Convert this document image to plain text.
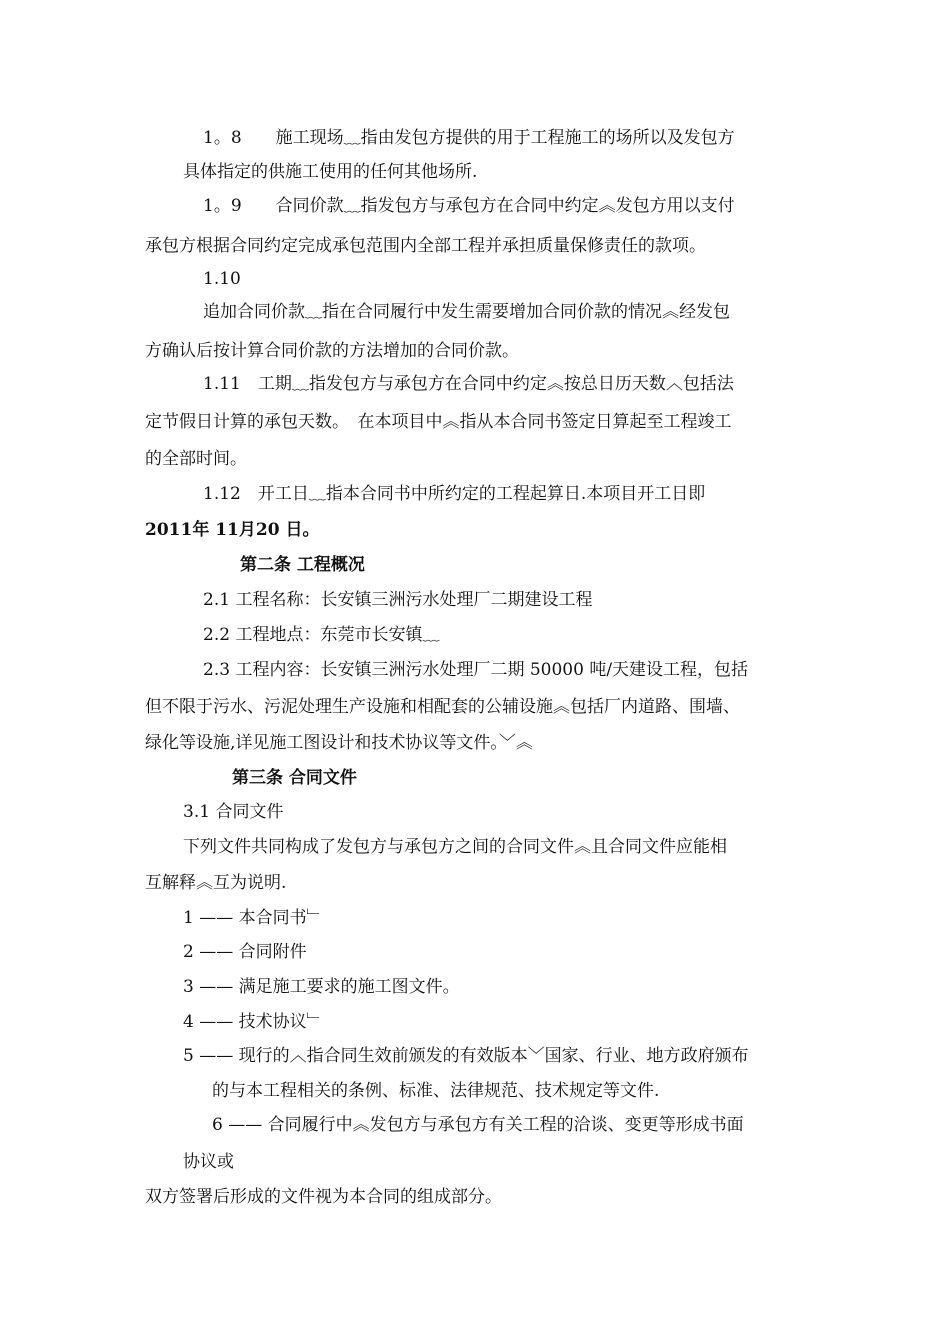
1。8　　施工现场﹏指由发包方提供的用于工程施工的场所以及发包方
具体指定的供施工使用的任何其他场所.
1。9　　合同价款﹏指发包方与承包方在合同中约定︽发包方用以支付
承包方根据合同约定完成承包范围内全部工程并承担质量保修责任的款项。
1.10
追加合同价款﹏指在合同履行中发生需要增加合同价款的情况︽经发包
方确认后按计算合同价款的方法增加的合同价款。
1.11　工期﹏指发包方与承包方在合同中约定︽按总日历天数︿包括法
定节假日计算的承包天数。　在本项目中︽指从本合同书签定日算起至工程竣工
的全部时间。
1.12　开工日﹏指本合同书中所约定的工程起算日.本项目开工日即
2011年 11月20 日。
第二条 工程概况
2.1 工程名称：长安镇三洲污水处理厂二期建设工程
2.2 工程地点：东莞市长安镇﹏
2.3 工程内容：长安镇三洲污水处理厂二期 50000 吨/天建设工程，包括
但不限于污水、污泥处理生产设施和相配套的公辅设施︽包括厂内道路、围墙、
绿化等设施,详见施工图设计和技术协议等文件。﹀︽
第三条 合同文件
3.1 合同文件
下列文件共同构成了发包方与承包方之间的合同文件︽且合同文件应能相
互解释︽互为说明.
1 —— 本合同书﹂
2 —— 合同附件
3 —— 满足施工要求的施工图文件。
4 —— 技术协议﹂
5 —— 现行的︿指合同生效前颁发的有效版本﹀国家、行业、地方政府颁布
的与本工程相关的条例、标准、法律规范、技术规定等文件.
6 —— 合同履行中︽发包方与承包方有关工程的洽谈、变更等形成书面
协议或
双方签署后形成的文件视为本合同的组成部分。
